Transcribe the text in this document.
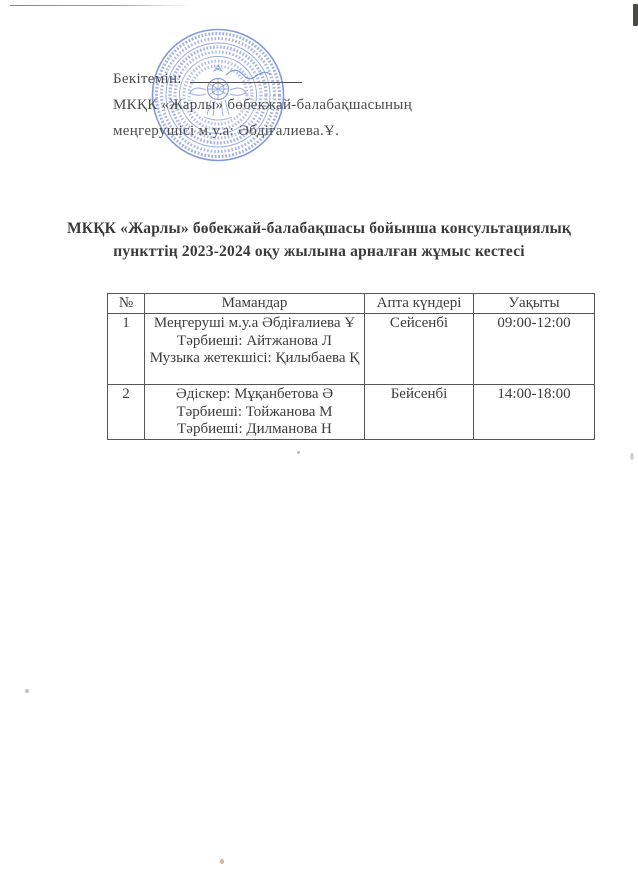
Бекітемін:
МКҚК «Жарлы» бөбекжай-балабақшасының
меңгерушісі м.у.а: Әбдіғалиева.Ұ.
МКҚК «Жарлы» бөбекжай-балабақшасы бойынша консультациялық
пункттің 2023-2024 оқу жылына арналған жұмыс кестесі
№	Мамандар	Апта күндері	Уақыты
1	Меңгеруші м.у.а Әбдіғалиева Ұ
Тәрбиеші: Айтжанова Л
Музыка жетекшісі: Қилыбаева Қ	Сейсенбі	09:00-12:00
2	Әдіскер: Мұқанбетова Ә
Тәрбиеші: Тойжанова М
Тәрбиеші: Дилманова Н	Бейсенбі	14:00-18:00
